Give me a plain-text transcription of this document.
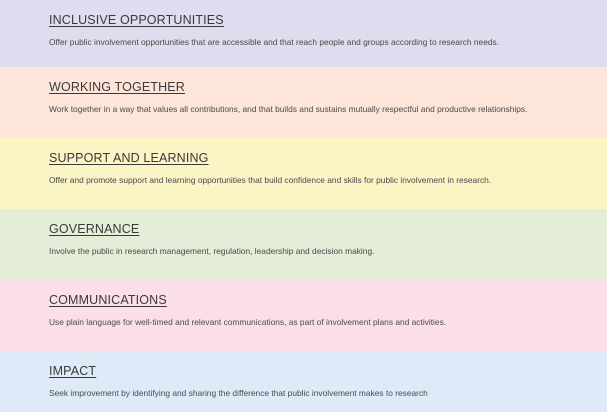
INCLUSIVE OPPORTUNITIES

Offer public involvement opportunities that are accessible and that reach people and groups according to research needs.

WORKING TOGETHER

Work together in a way that values all contributions, and that builds and sustains mutually respectful and productive relationships.

SUPPORT AND LEARNING

Offer and promote support and learning opportunities that build confidence and skills for public involvement in research.

GOVERNANCE

Involve the public in research management, regulation, leadership and decision making.

COMMUNICATIONS

Use plain language for well-timed and relevant communications, as part of involvement plans and activities.

IMPACT

Seek improvement by identifying and sharing the difference that public involvement makes to research
